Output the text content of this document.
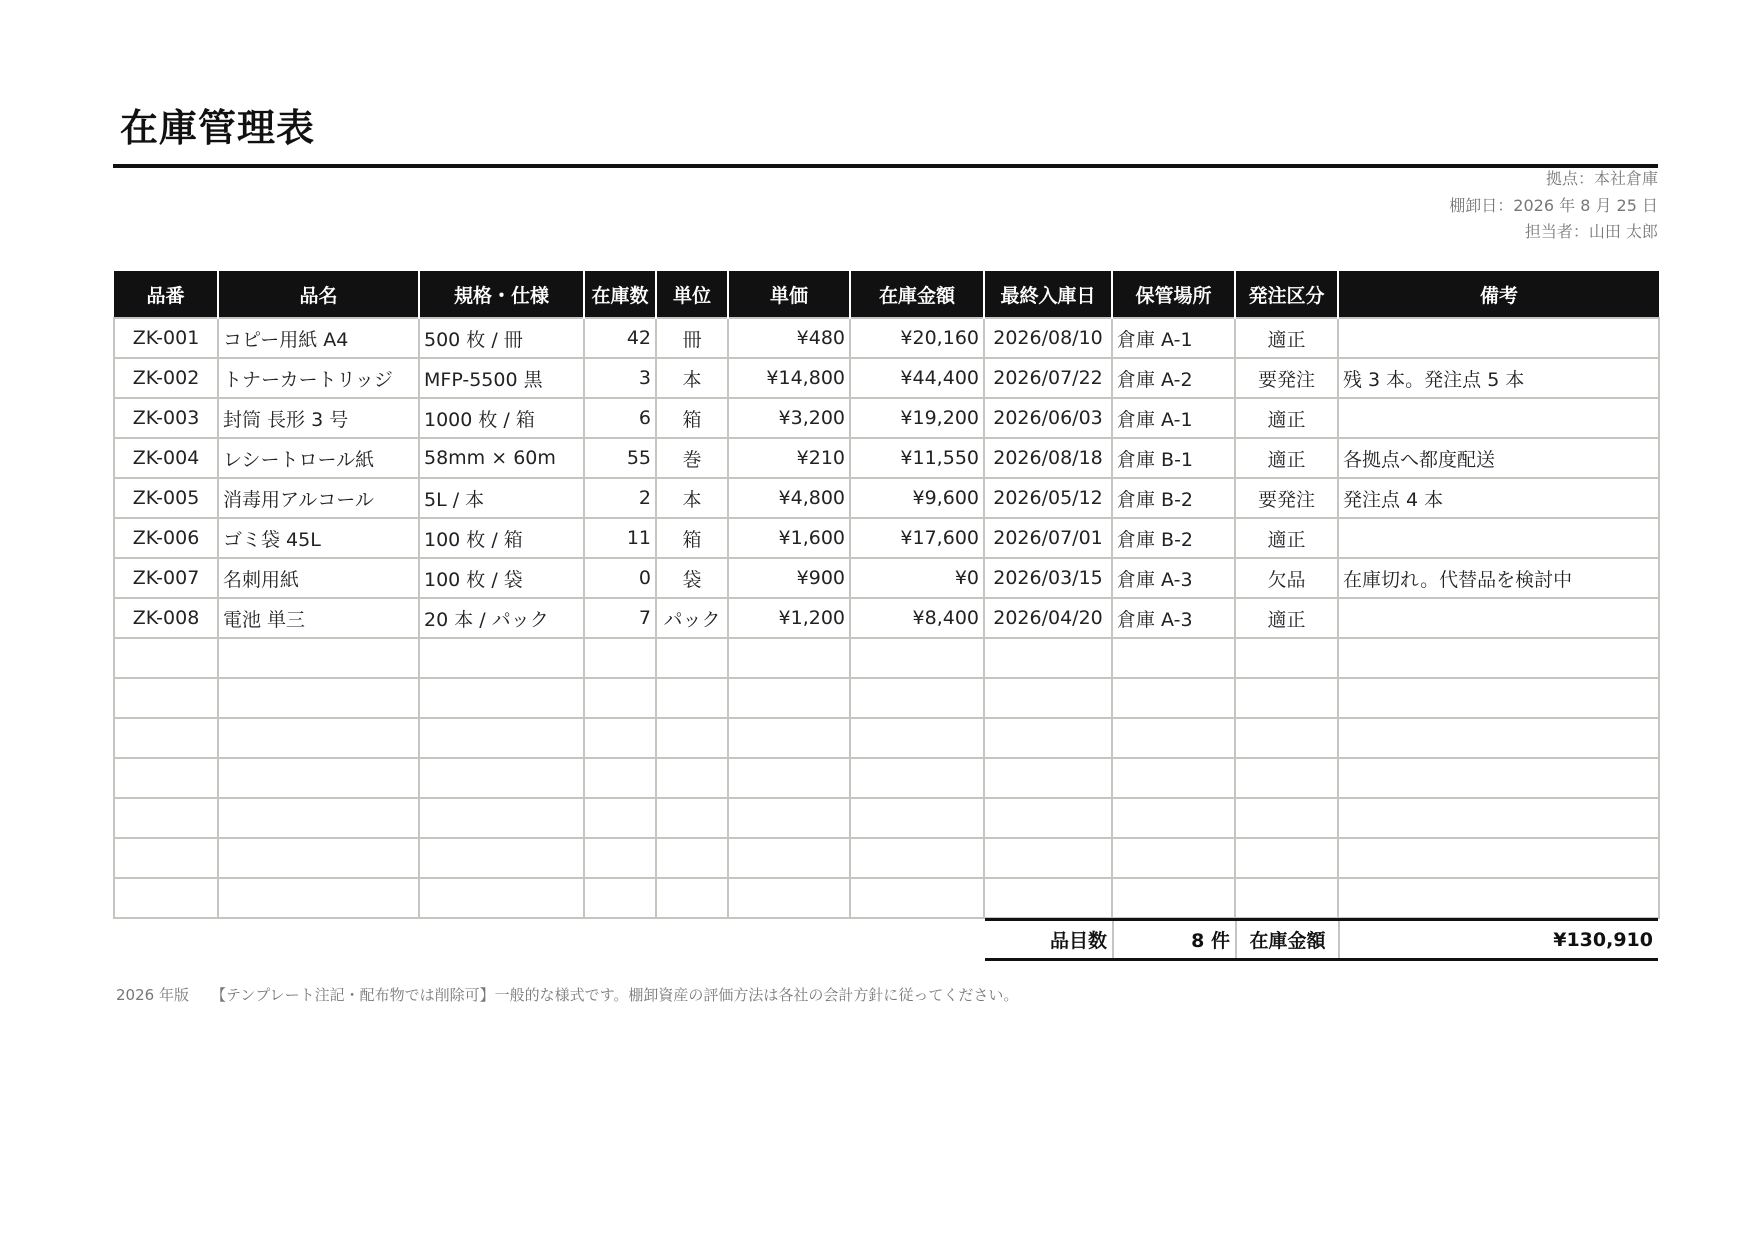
在庫管理表
拠点：本社倉庫
棚卸日：2026 年 8 月 25 日
担当者：山田 太郎
品番	品名	規格・仕様	在庫数	単位	単価	在庫金額	最終入庫日	保管場所	発注区分	備考
ZK-001	コピー用紙 A4	500 枚 / 冊	42	冊	¥480	¥20,160	2026/08/10	倉庫 A-1	適正	
ZK-002	トナーカートリッジ	MFP-5500 黒	3	本	¥14,800	¥44,400	2026/07/22	倉庫 A-2	要発注	残 3 本。発注点 5 本
ZK-003	封筒 長形 3 号	1000 枚 / 箱	6	箱	¥3,200	¥19,200	2026/06/03	倉庫 A-1	適正	
ZK-004	レシートロール紙	58mm × 60m	55	巻	¥210	¥11,550	2026/08/18	倉庫 B-1	適正	各拠点へ都度配送
ZK-005	消毒用アルコール	5L / 本	2	本	¥4,800	¥9,600	2026/05/12	倉庫 B-2	要発注	発注点 4 本
ZK-006	ゴミ袋 45L	100 枚 / 箱	11	箱	¥1,600	¥17,600	2026/07/01	倉庫 B-2	適正	
ZK-007	名刺用紙	100 枚 / 袋	0	袋	¥900	¥0	2026/03/15	倉庫 A-3	欠品	在庫切れ。代替品を検討中
ZK-008	電池 単三	20 本 / パック	7	パック	¥1,200	¥8,400	2026/04/20	倉庫 A-3	適正	

品目数	8 件	在庫金額	¥130,910
2026 年版 【テンプレート注記・配布物では削除可】一般的な様式です。棚卸資産の評価方法は各社の会計方針に従ってください。
